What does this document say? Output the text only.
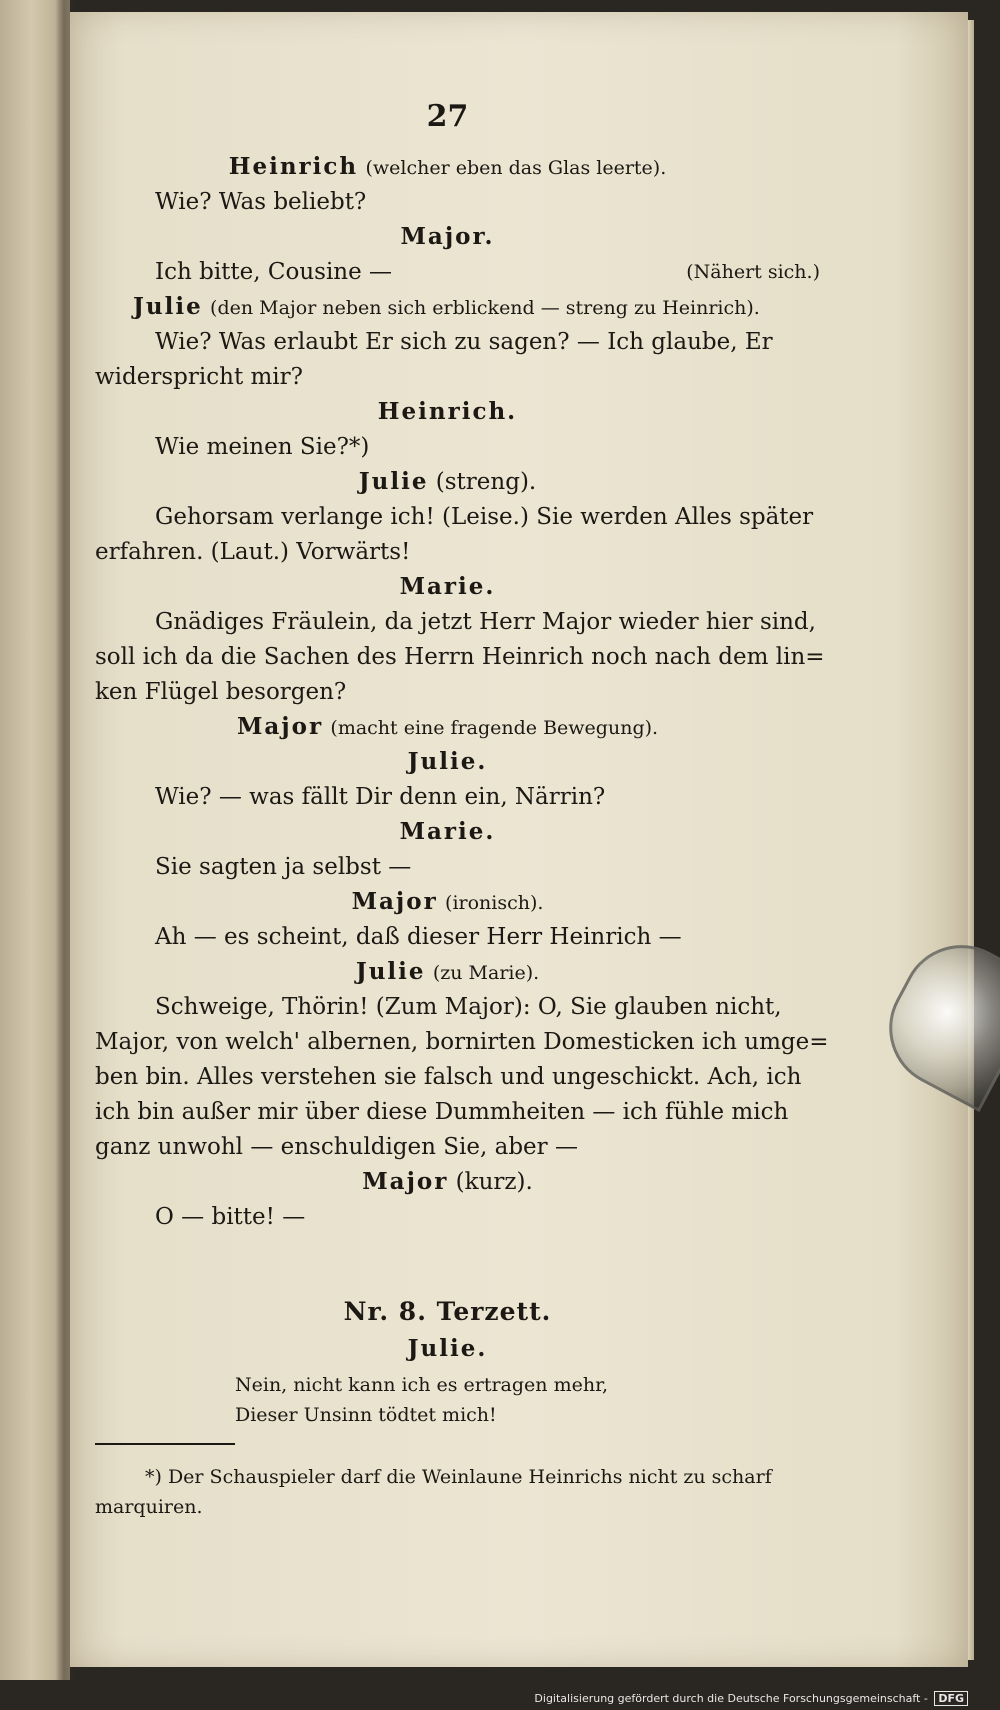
27
Heinrich (welcher eben das Glas leerte).
Wie? Was beliebt?
Major.
Ich bitte, Cousine —	(Nähert sich.)
Julie (den Major neben sich erblickend — streng zu Heinrich).
Wie? Was erlaubt Er sich zu sagen? — Ich glaube, Er
widerspricht mir?
Heinrich.
Wie meinen Sie?*)
Julie (streng).
Gehorsam verlange ich! (Leise.) Sie werden Alles später
erfahren. (Laut.) Vorwärts!
Marie.
Gnädiges Fräulein, da jetzt Herr Major wieder hier sind,
soll ich da die Sachen des Herrn Heinrich noch nach dem lin=
ken Flügel besorgen?
Major (macht eine fragende Bewegung).
Julie.
Wie? — was fällt Dir denn ein, Närrin?
Marie.
Sie sagten ja selbst —
Major (ironisch).
Ah — es scheint, daß dieser Herr Heinrich —
Julie (zu Marie).
Schweige, Thörin! (Zum Major): O, Sie glauben nicht,
Major, von welch' albernen, bornirten Domesticken ich umge=
ben bin. Alles verstehen sie falsch und ungeschickt. Ach, ich
ich bin außer mir über diese Dummheiten — ich fühle mich
ganz unwohl — enschuldigen Sie, aber —
Major (kurz).
O — bitte! —
Nr. 8. Terzett.
Julie.
Nein, nicht kann ich es ertragen mehr,
Dieser Unsinn tödtet mich!
*) Der Schauspieler darf die Weinlaune Heinrichs nicht zu scharf
marquiren.
Digitalisierung gefördert durch die Deutsche Forschungsgemeinschaft - DFG
